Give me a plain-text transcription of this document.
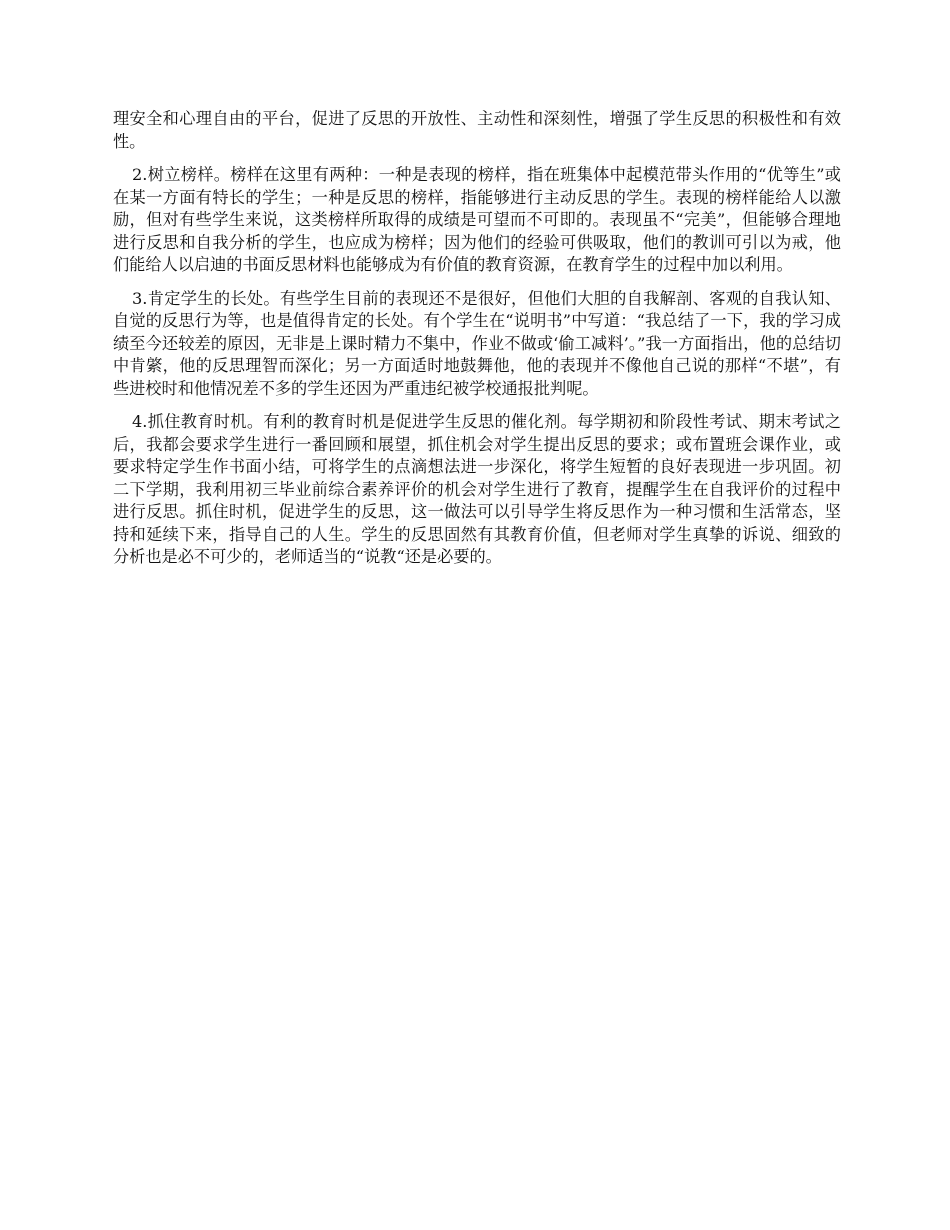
理安全和心理自由的平台，促进了反思的开放性、主动性和深刻性，增强了学生反思的积极性和有效性。

2.树立榜样。榜样在这里有两种：一种是表现的榜样，指在班集体中起模范带头作用的“优等生”或在某一方面有特长的学生；一种是反思的榜样，指能够进行主动反思的学生。表现的榜样能给人以激励，但对有些学生来说，这类榜样所取得的成绩是可望而不可即的。表现虽不“完美”，但能够合理地进行反思和自我分析的学生，也应成为榜样；因为他们的经验可供吸取，他们的教训可引以为戒，他们能给人以启迪的书面反思材料也能够成为有价值的教育资源，在教育学生的过程中加以利用。

3.肯定学生的长处。有些学生目前的表现还不是很好，但他们大胆的自我解剖、客观的自我认知、自觉的反思行为等，也是值得肯定的长处。有个学生在“说明书”中写道：“我总结了一下，我的学习成绩至今还较差的原因，无非是上课时精力不集中，作业不做或‘偷工减料’。”我一方面指出，他的总结切中肯綮，他的反思理智而深化；另一方面适时地鼓舞他，他的表现并不像他自己说的那样“不堪”，有些进校时和他情况差不多的学生还因为严重违纪被学校通报批判呢。

4.抓住教育时机。有利的教育时机是促进学生反思的催化剂。每学期初和阶段性考试、期末考试之后，我都会要求学生进行一番回顾和展望，抓住机会对学生提出反思的要求；或布置班会课作业，或要求特定学生作书面小结，可将学生的点滴想法进一步深化，将学生短暂的良好表现进一步巩固。初二下学期，我利用初三毕业前综合素养评价的机会对学生进行了教育，提醒学生在自我评价的过程中进行反思。抓住时机，促进学生的反思，这一做法可以引导学生将反思作为一种习惯和生活常态，坚持和延续下来，指导自己的人生。学生的反思固然有其教育价值，但老师对学生真挚的诉说、细致的分析也是必不可少的，老师适当的“说教“还是必要的。
